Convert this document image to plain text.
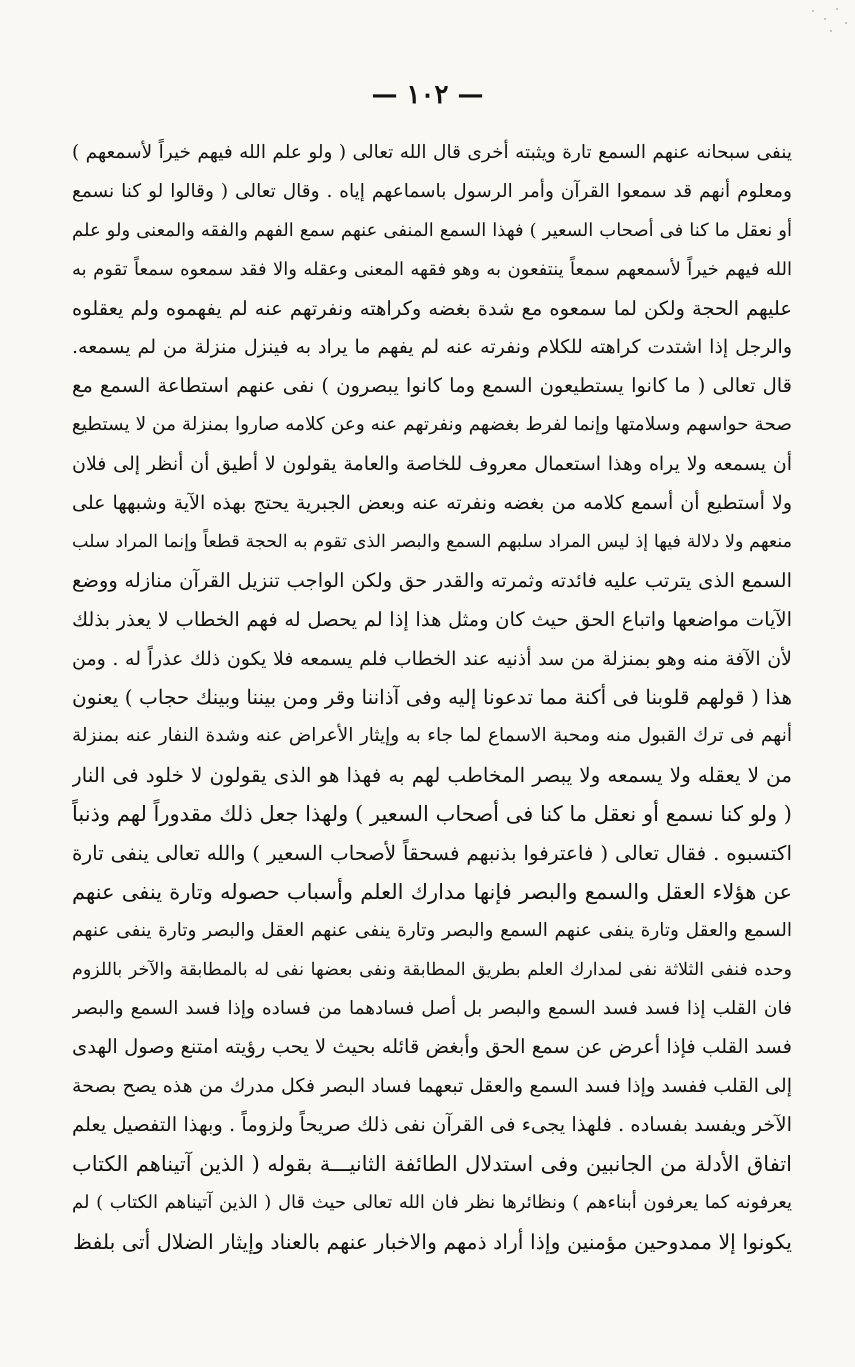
— ١٠٢ —
ينفى سبحانه عنهم السمع تارة ويثبته أخرى قال الله تعالى ( ولو علم الله فيهم خيراً لأسمعهم )
ومعلوم أنهم قد سمعوا القرآن وأمر الرسول باسماعهم إياه . وقال تعالى ( وقالوا لو كنا نسمع
أو نعقل ما كنا فى أصحاب السعير ) فهذا السمع المنفى عنهم سمع الفهم والفقه والمعنى ولو علم
الله فيهم خيراً لأسمعهم سمعاً ينتفعون به وهو فقهه المعنى وعقله والا فقد سمعوه سمعاً تقوم به
عليهم الحجة ولكن لما سمعوه مع شدة بغضه وكراهته ونفرتهم عنه لم يفهموه ولم يعقلوه
والرجل إذا اشتدت كراهته للكلام ونفرته عنه لم يفهم ما يراد به فينزل منزلة من لم يسمعه.
قال تعالى ( ما كانوا يستطيعون السمع وما كانوا يبصرون ) نفى عنهم استطاعة السمع مع
صحة حواسهم وسلامتها وإنما لفرط بغضهم ونفرتهم عنه وعن كلامه صاروا بمنزلة من لا يستطيع
أن يسمعه ولا يراه وهذا استعمال معروف للخاصة والعامة يقولون لا أطيق أن أنظر إلى فلان
ولا أستطيع أن أسمع كلامه من بغضه ونفرته عنه وبعض الجبرية يحتج بهذه الآية وشبهها على
منعهم ولا دلالة فيها إذ ليس المراد سلبهم السمع والبصر الذى تقوم به الحجة قطعاً وإنما المراد سلب
السمع الذى يترتب عليه فائدته وثمرته والقدر حق ولكن الواجب تنزيل القرآن منازله ووضع
الآيات مواضعها واتباع الحق حيث كان ومثل هذا إذا لم يحصل له فهم الخطاب لا يعذر بذلك
لأن الآفة منه وهو بمنزلة من سد أذنيه عند الخطاب فلم يسمعه فلا يكون ذلك عذراً له . ومن
هذا ( قولهم قلوبنا فى أكنة مما تدعونا إليه وفى آذاننا وقر ومن بيننا وبينك حجاب ) يعنون
أنهم فى ترك القبول منه ومحبة الاسماع لما جاء به وإيثار الأعراض عنه وشدة النفار عنه بمنزلة
من لا يعقله ولا يسمعه ولا يبصر المخاطب لهم به فهذا هو الذى يقولون لا خلود فى النار
( ولو كنا نسمع أو نعقل ما كنا فى أصحاب السعير ) ولهذا جعل ذلك مقدوراً لهم وذنباً
اكتسبوه . فقال تعالى ( فاعترفوا بذنبهم فسحقاً لأصحاب السعير ) والله تعالى ينفى تارة
عن هؤلاء العقل والسمع والبصر فإنها مدارك العلم وأسباب حصوله وتارة ينفى عنهم
السمع والعقل وتارة ينفى عنهم السمع والبصر وتارة ينفى عنهم العقل والبصر وتارة ينفى عنهم
وحده فنفى الثلاثة نفى لمدارك العلم بطريق المطابقة ونفى بعضها نفى له بالمطابقة والآخر باللزوم
فان القلب إذا فسد فسد السمع والبصر بل أصل فسادهما من فساده وإذا فسد السمع والبصر
فسد القلب فإذا أعرض عن سمع الحق وأبغض قائله بحيث لا يحب رؤيته امتنع وصول الهدى
إلى القلب ففسد وإذا فسد السمع والعقل تبعهما فساد البصر فكل مدرك من هذه يصح بصحة
الآخر ويفسد بفساده . فلهذا يجىء فى القرآن نفى ذلك صريحاً ولزوماً . وبهذا التفصيل يعلم
اتفاق الأدلة من الجانبين وفى استدلال الطائفة الثانيـــة بقوله ( الذين آتيناهم الكتاب
يعرفونه كما يعرفون أبناءهم ) ونظائرها نظر فان الله تعالى حيث قال ( الذين آتيناهم الكتاب ) لم
يكونوا إلا ممدوحين مؤمنين وإذا أراد ذمهم والاخبار عنهم بالعناد وإيثار الضلال أتى بلفظ
